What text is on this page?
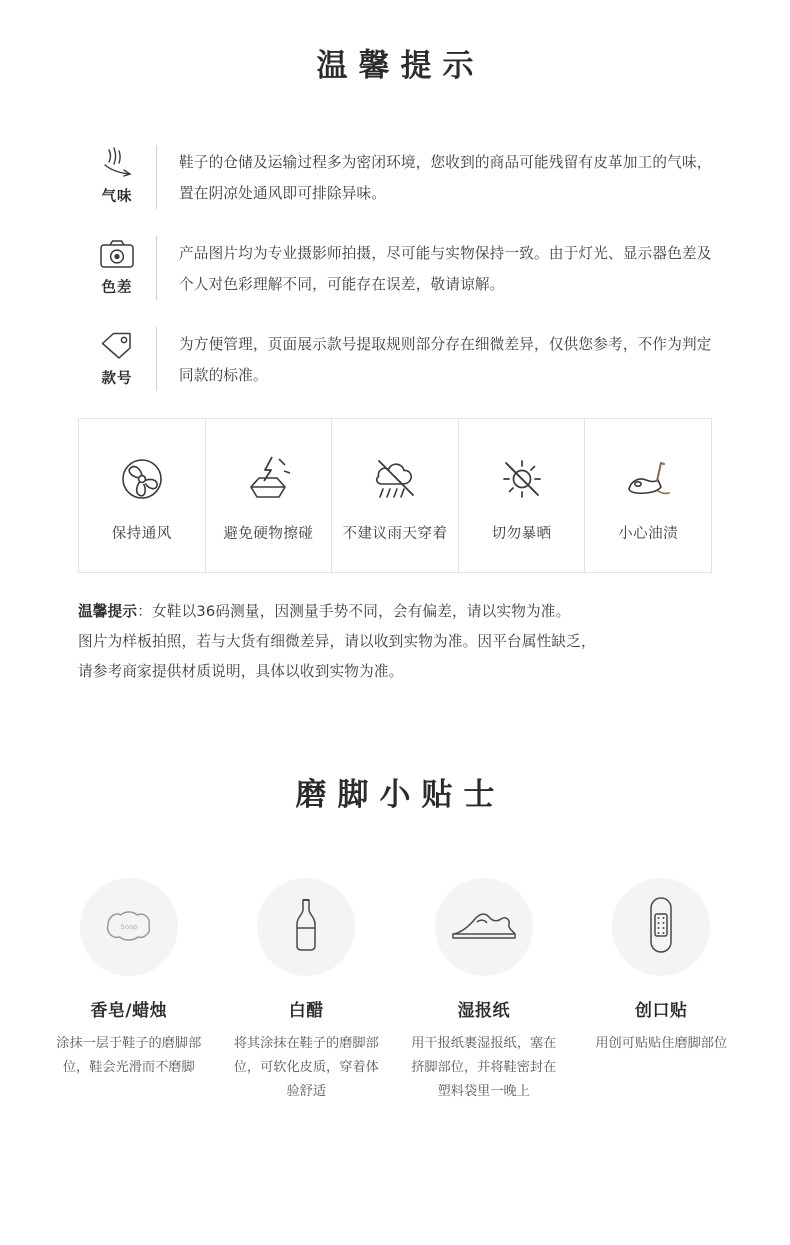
温馨提示
气味
鞋子的仓储及运输过程多为密闭环境，您收到的商品可能残留有皮革加工的气味，置在阴凉处通风即可排除异味。
色差
产品图片均为专业摄影师拍摄，尽可能与实物保持一致。由于灯光、显示器色差及个人对色彩理解不同，可能存在误差，敬请谅解。
款号
为方便管理，页面展示款号提取规则部分存在细微差异，仅供您参考，不作为判定同款的标准。
保持通风	避免硬物擦碰 不建议雨天穿着	切勿暴晒	小心油渍

温馨提示：女鞋以36码测量，因测量手势不同，会有偏差，请以实物为准。

图片为样板拍照，若与大货有细微差异，请以收到实物为准。因平台属性缺乏，

请参考商家提供材质说明，具体以收到实物为准。

磨脚小贴士
Soap
香皂/蜡烛
涂抹一层于鞋子的磨脚部位，鞋会光滑而不磨脚
白醋
将其涂抹在鞋子的磨脚部位，可软化皮质，穿着体验舒适
湿报纸
用干报纸裹湿报纸，塞在挤脚部位，并将鞋密封在塑料袋里一晚上
创口贴
用创可贴贴住磨脚部位
